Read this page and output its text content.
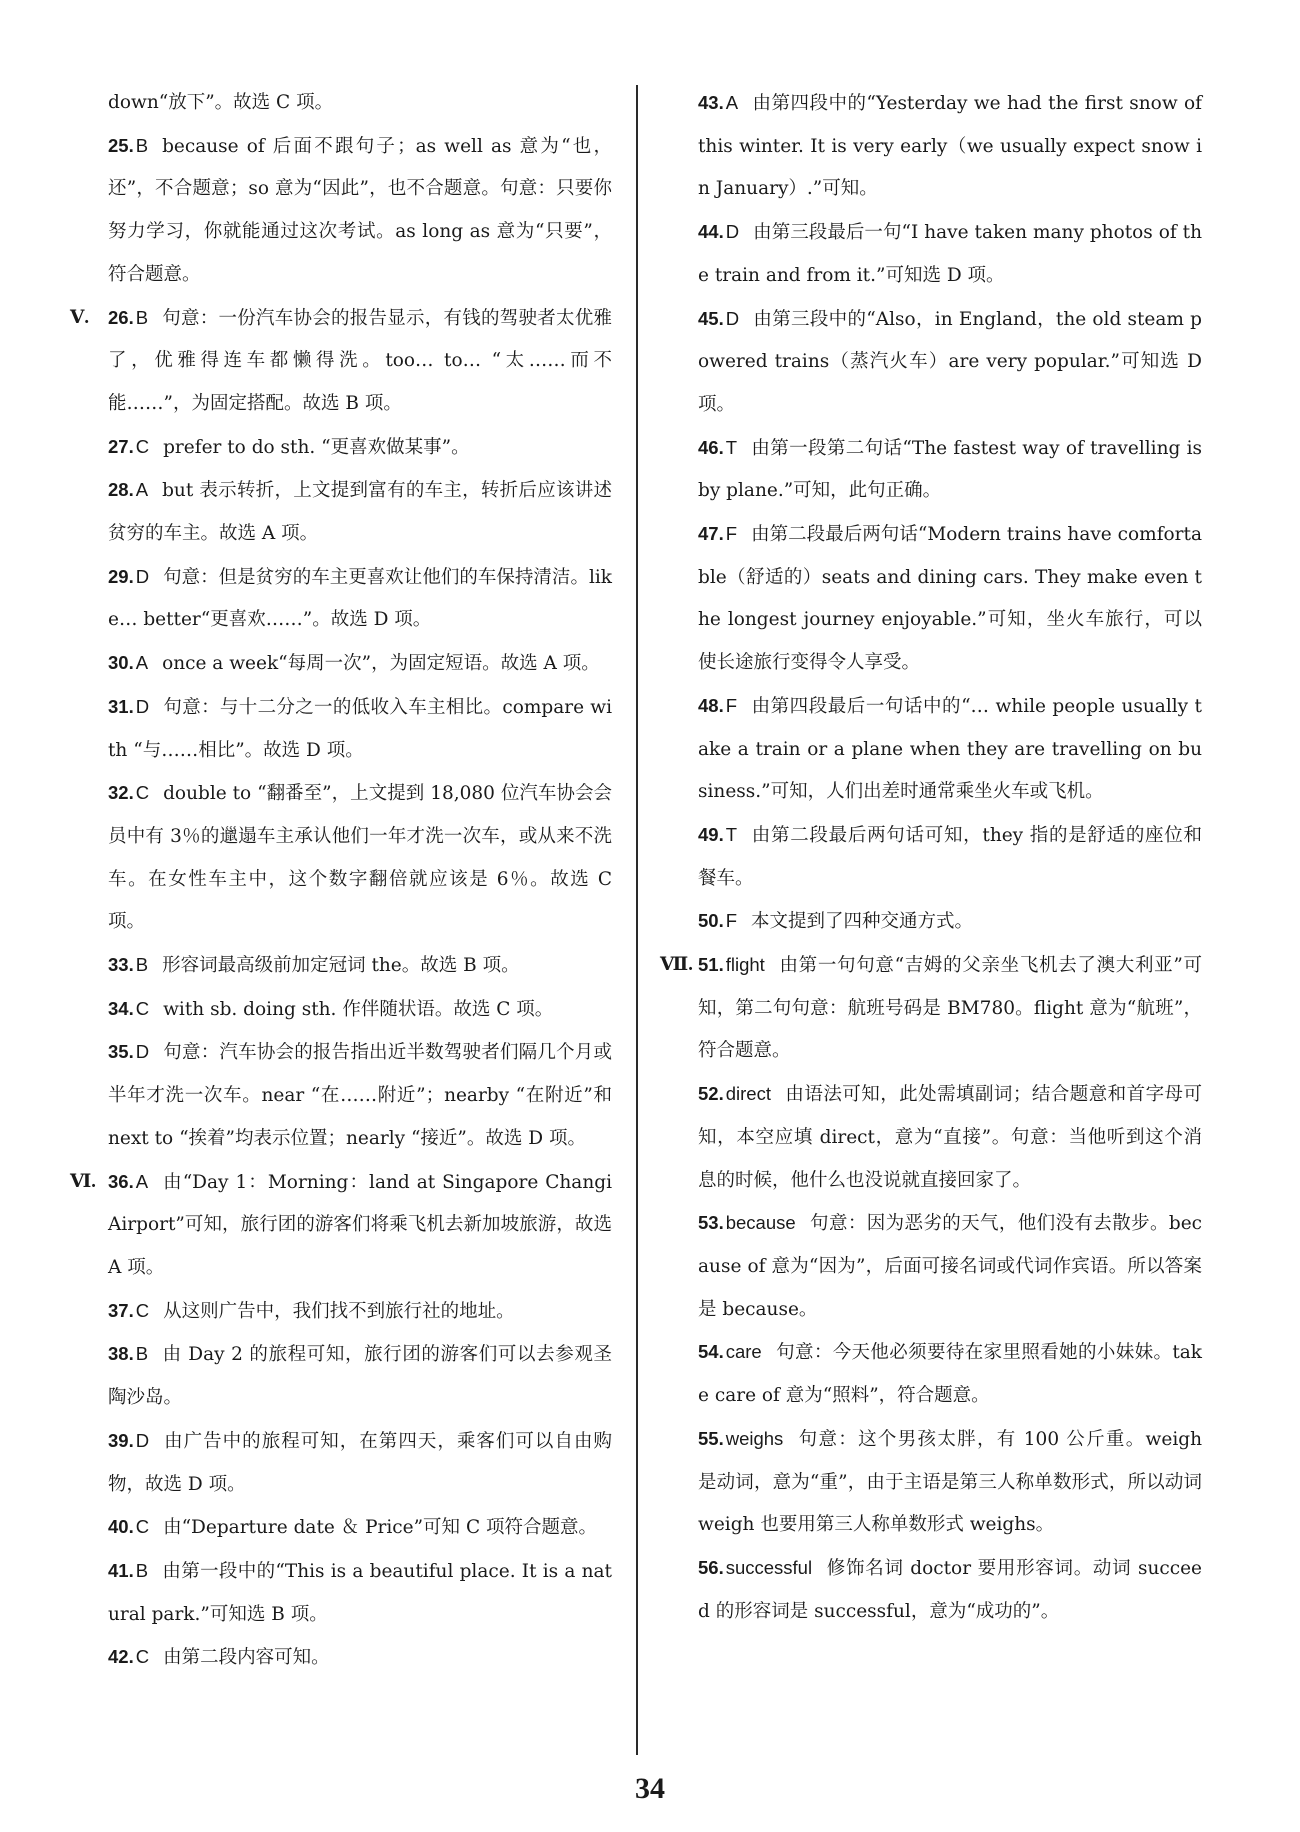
down“放下”。故选 C 项。
25. B because of 后面不跟句子；as well as 意为“也，还”，不合题意；so 意为“因此”，也不合题意。句意：只要你努力学习，你就能通过这次考试。as long as 意为“只要”，符合题意。
Ⅴ. 26. B 句意：一份汽车协会的报告显示，有钱的驾驶者太优雅了，优雅得连车都懒得洗。too… to… “太……而不能……”，为固定搭配。故选 B 项。
27. C prefer to do sth. “更喜欢做某事”。
28. A but 表示转折，上文提到富有的车主，转折后应该讲述贫穷的车主。故选 A 项。
29. D 句意：但是贫穷的车主更喜欢让他们的车保持清洁。like… better“更喜欢……”。故选 D 项。
30. A once a week“每周一次”，为固定短语。故选 A 项。
31. D 句意：与十二分之一的低收入车主相比。compare with “与……相比”。故选 D 项。
32. C double to “翻番至”，上文提到 18,080 位汽车协会会员中有 3％的邋遢车主承认他们一年才洗一次车，或从来不洗车。在女性车主中，这个数字翻倍就应该是 6％。故选 C 项。
33. B 形容词最高级前加定冠词 the。故选 B 项。
34. C with sb. doing sth. 作伴随状语。故选 C 项。
35. D 句意：汽车协会的报告指出近半数驾驶者们隔几个月或半年才洗一次车。near “在……附近”；nearby “在附近”和 next to “挨着”均表示位置；nearly “接近”。故选 D 项。
Ⅵ. 36. A 由“Day 1：Morning：land at Singapore Changi Airport”可知，旅行团的游客们将乘飞机去新加坡旅游，故选 A 项。
37. C 从这则广告中，我们找不到旅行社的地址。
38. B 由 Day 2 的旅程可知，旅行团的游客们可以去参观圣陶沙岛。
39. D 由广告中的旅程可知，在第四天，乘客们可以自由购物，故选 D 项。
40. C 由“Departure date ＆ Price”可知 C 项符合题意。
41. B 由第一段中的“This is a beautiful place. It is a natural park.”可知选 B 项。
42. C 由第二段内容可知。
43. A 由第四段中的“Yesterday we had the first snow of this winter. It is very early（we usually expect snow in January）.”可知。
44. D 由第三段最后一句“I have taken many photos of the train and from it.”可知选 D 项。
45. D 由第三段中的“Also，in England，the old steam powered trains（蒸汽火车）are very popular.”可知选 D 项。
46. T 由第一段第二句话“The fastest way of travelling is by plane.”可知，此句正确。
47. F 由第二段最后两句话“Modern trains have comfortable（舒适的）seats and dining cars. They make even the longest journey enjoyable.”可知，坐火车旅行，可以使长途旅行变得令人享受。
48. F 由第四段最后一句话中的“… while people usually take a train or a plane when they are travelling on business.”可知，人们出差时通常乘坐火车或飞机。
49. T 由第二段最后两句话可知，they 指的是舒适的座位和餐车。
50. F 本文提到了四种交通方式。
Ⅶ. 51. flight 由第一句句意“吉姆的父亲坐飞机去了澳大利亚”可知，第二句句意：航班号码是 BM780。flight 意为“航班”，符合题意。
52. direct 由语法可知，此处需填副词；结合题意和首字母可知，本空应填 direct，意为“直接”。句意：当他听到这个消息的时候，他什么也没说就直接回家了。
53. because 句意：因为恶劣的天气，他们没有去散步。because of 意为“因为”，后面可接名词或代词作宾语。所以答案是 because。
54. care 句意：今天他必须要待在家里照看她的小妹妹。take care of 意为“照料”，符合题意。
55. weighs 句意：这个男孩太胖，有 100 公斤重。weigh 是动词，意为“重”，由于主语是第三人称单数形式，所以动词 weigh 也要用第三人称单数形式 weighs。
56. successful 修饰名词 doctor 要用形容词。动词 succeed 的形容词是 successful，意为“成功的”。
34
